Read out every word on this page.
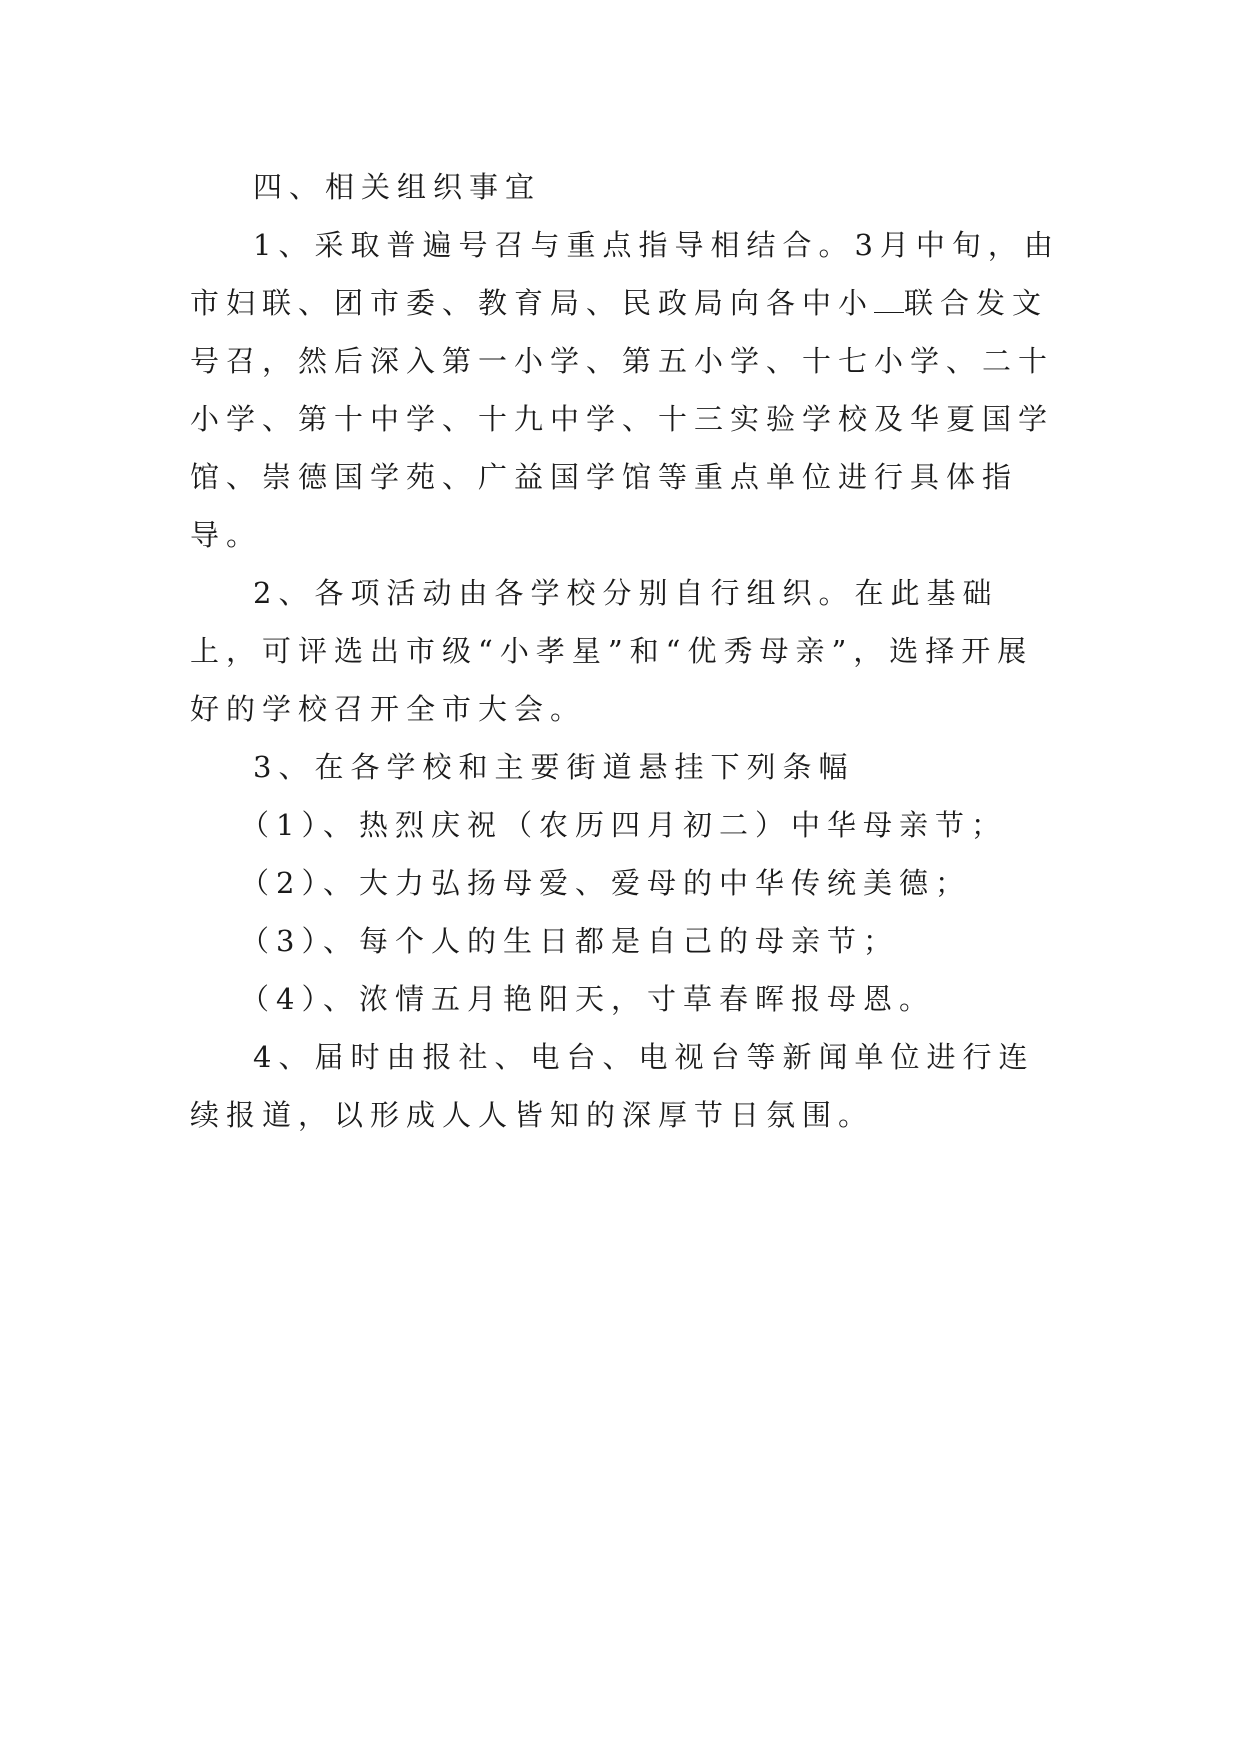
四、相关组织事宜

1、采取普遍号召与重点指导相结合。3月中旬，由市妇联、团市委、教育局、民政局向各中小 联合发文号召，然后深入第一小学、第五小学、十七小学、二十小学、第十中学、十九中学、十三实验学校及华夏国学馆、崇德国学苑、广益国学馆等重点单位进行具体指导。

2、各项活动由各学校分别自行组织。在此基础上，可评选出市级“小孝星”和“优秀母亲”，选择开展好的学校召开全市大会。

3、在各学校和主要街道悬挂下列条幅

（1）、热烈庆祝（农历四月初二）中华母亲节；

（2）、大力弘扬母爱、爱母的中华传统美德；

（3）、每个人的生日都是自己的母亲节；

（4）、浓情五月艳阳天，寸草春晖报母恩。

4、届时由报社、电台、电视台等新闻单位进行连续报道，以形成人人皆知的深厚节日氛围。
